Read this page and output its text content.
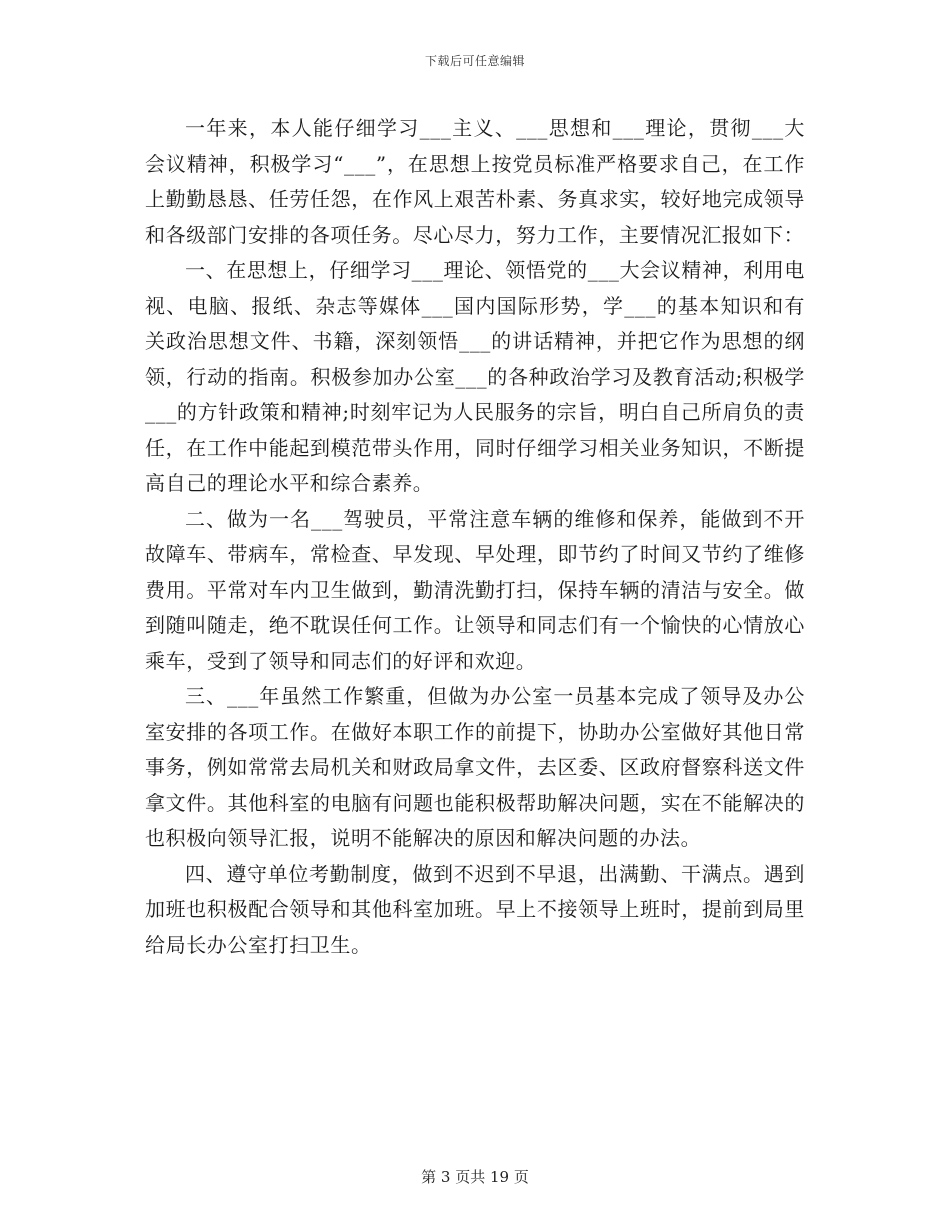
下载后可任意编辑

一年来，本人能仔细学习___主义、___思想和___理论，贯彻___大会议精神，积极学习“___”，在思想上按党员标准严格要求自己，在工作上勤勤恳恳、任劳任怨，在作风上艰苦朴素、务真求实，较好地完成领导和各级部门安排的各项任务。尽心尽力，努力工作，主要情况汇报如下：

一、在思想上，仔细学习___理论、领悟党的___大会议精神，利用电视、电脑、报纸、杂志等媒体___国内国际形势，学___的基本知识和有关政治思想文件、书籍，深刻领悟___的讲话精神，并把它作为思想的纲领，行动的指南。积极参加办公室___的各种政治学习及教育活动;积极学___的方针政策和精神;时刻牢记为人民服务的宗旨，明白自己所肩负的责任，在工作中能起到模范带头作用，同时仔细学习相关业务知识，不断提高自己的理论水平和综合素养。

二、做为一名___驾驶员，平常注意车辆的维修和保养，能做到不开故障车、带病车，常检查、早发现、早处理，即节约了时间又节约了维修费用。平常对车内卫生做到，勤清洗勤打扫，保持车辆的清洁与安全。做到随叫随走，绝不耽误任何工作。让领导和同志们有一个愉快的心情放心乘车，受到了领导和同志们的好评和欢迎。

三、___年虽然工作繁重，但做为办公室一员基本完成了领导及办公室安排的各项工作。在做好本职工作的前提下，协助办公室做好其他日常事务，例如常常去局机关和财政局拿文件，去区委、区政府督察科送文件拿文件。其他科室的电脑有问题也能积极帮助解决问题，实在不能解决的也积极向领导汇报，说明不能解决的原因和解决问题的办法。

四、遵守单位考勤制度，做到不迟到不早退，出满勤、干满点。遇到加班也积极配合领导和其他科室加班。早上不接领导上班时，提前到局里给局长办公室打扫卫生。

第 3 页共 19 页
